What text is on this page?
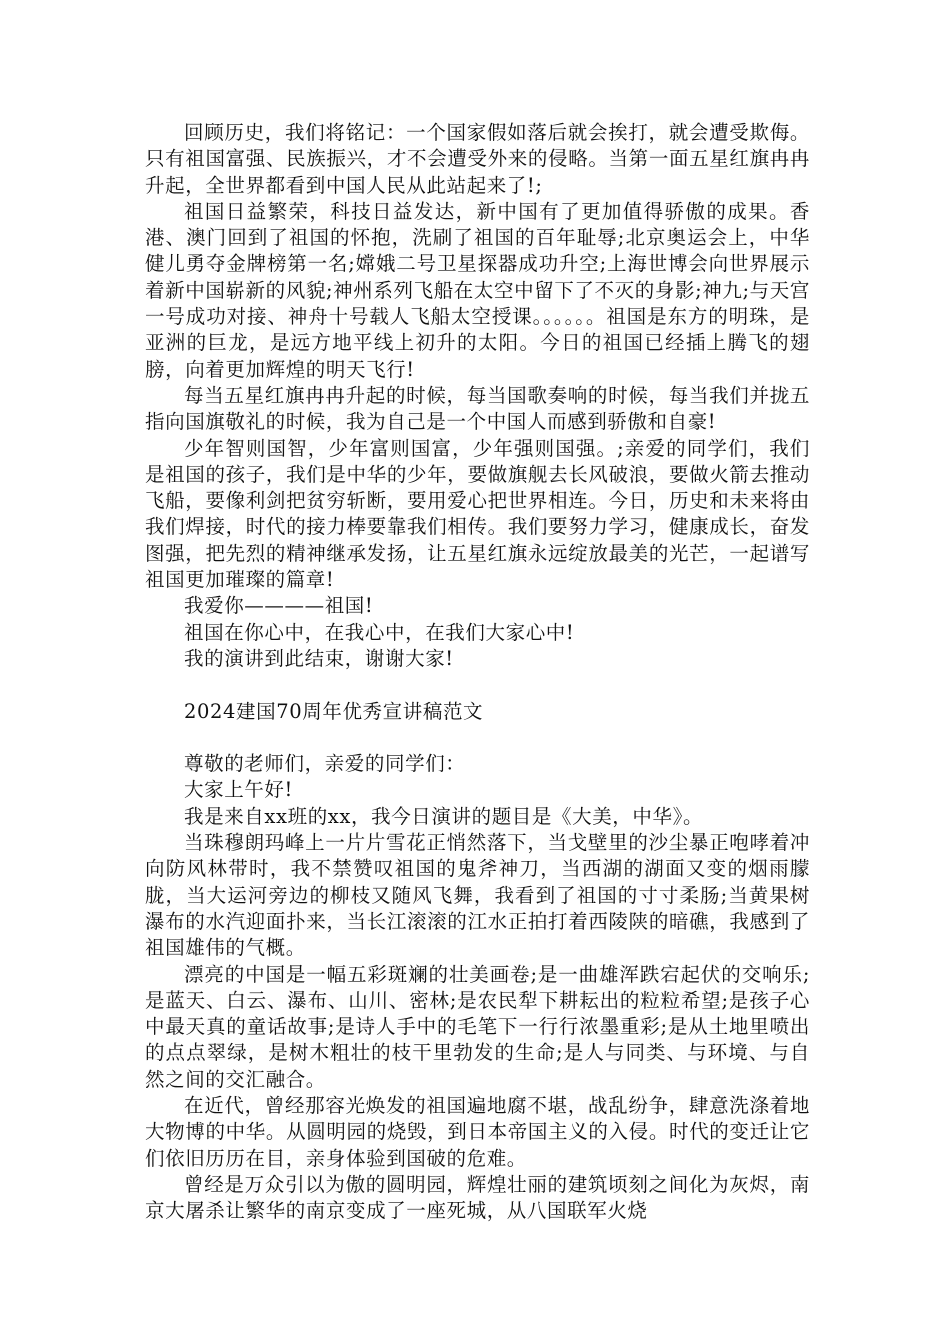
回顾历史，我们将铭记：一个国家假如落后就会挨打，就会遭受欺侮。只有祖国富强、民族振兴，才不会遭受外来的侵略。当第一面五星红旗冉冉升起，全世界都看到中国人民从此站起来了!;

祖国日益繁荣，科技日益发达，新中国有了更加值得骄傲的成果。香港、澳门回到了祖国的怀抱，洗刷了祖国的百年耻辱;北京奥运会上，中华健儿勇夺金牌榜第一名;嫦娥二号卫星探器成功升空;上海世博会向世界展示着新中国崭新的风貌;神州系列飞船在太空中留下了不灭的身影;神九;与天宫一号成功对接、神舟十号载人飞船太空授课。。。。。。祖国是东方的明珠，是亚洲的巨龙，是远方地平线上初升的太阳。今日的祖国已经插上腾飞的翅膀，向着更加辉煌的明天飞行!

每当五星红旗冉冉升起的时候，每当国歌奏响的时候，每当我们并拢五指向国旗敬礼的时候，我为自己是一个中国人而感到骄傲和自豪!

少年智则国智，少年富则国富，少年强则国强。;亲爱的同学们，我们是祖国的孩子，我们是中华的少年，要做旗舰去长风破浪，要做火箭去推动飞船，要像利剑把贫穷斩断，要用爱心把世界相连。今日，历史和未来将由我们焊接，时代的接力棒要靠我们相传。我们要努力学习，健康成长，奋发图强，把先烈的精神继承发扬，让五星红旗永远绽放最美的光芒，一起谱写祖国更加璀璨的篇章!

我爱你————祖国!

祖国在你心中，在我心中，在我们大家心中!

我的演讲到此结束，谢谢大家!

2024建国70周年优秀宣讲稿范文

尊敬的老师们，亲爱的同学们：

大家上午好!

我是来自xx班的xx，我今日演讲的题目是《大美，中华》。

当珠穆朗玛峰上一片片雪花正悄然落下，当戈壁里的沙尘暴正咆哮着冲向防风林带时，我不禁赞叹祖国的鬼斧神刀，当西湖的湖面又变的烟雨朦胧，当大运河旁边的柳枝又随风飞舞，我看到了祖国的寸寸柔肠;当黄果树瀑布的水汽迎面扑来，当长江滚滚的江水正拍打着西陵陕的暗礁，我感到了祖国雄伟的气概。

漂亮的中国是一幅五彩斑斓的壮美画卷;是一曲雄浑跌宕起伏的交响乐;是蓝天、白云、瀑布、山川、密林;是农民犁下耕耘出的粒粒希望;是孩子心中最天真的童话故事;是诗人手中的毛笔下一行行浓墨重彩;是从土地里喷出的点点翠绿，是树木粗壮的枝干里勃发的生命;是人与同类、与环境、与自然之间的交汇融合。

在近代，曾经那容光焕发的祖国遍地腐不堪，战乱纷争，肆意洗涤着地大物博的中华。从圆明园的烧毁，到日本帝国主义的入侵。时代的变迁让它们依旧历历在目，亲身体验到国破的危难。

曾经是万众引以为傲的圆明园，辉煌壮丽的建筑顷刻之间化为灰烬，南京大屠杀让繁华的南京变成了一座死城，从八国联军火烧
